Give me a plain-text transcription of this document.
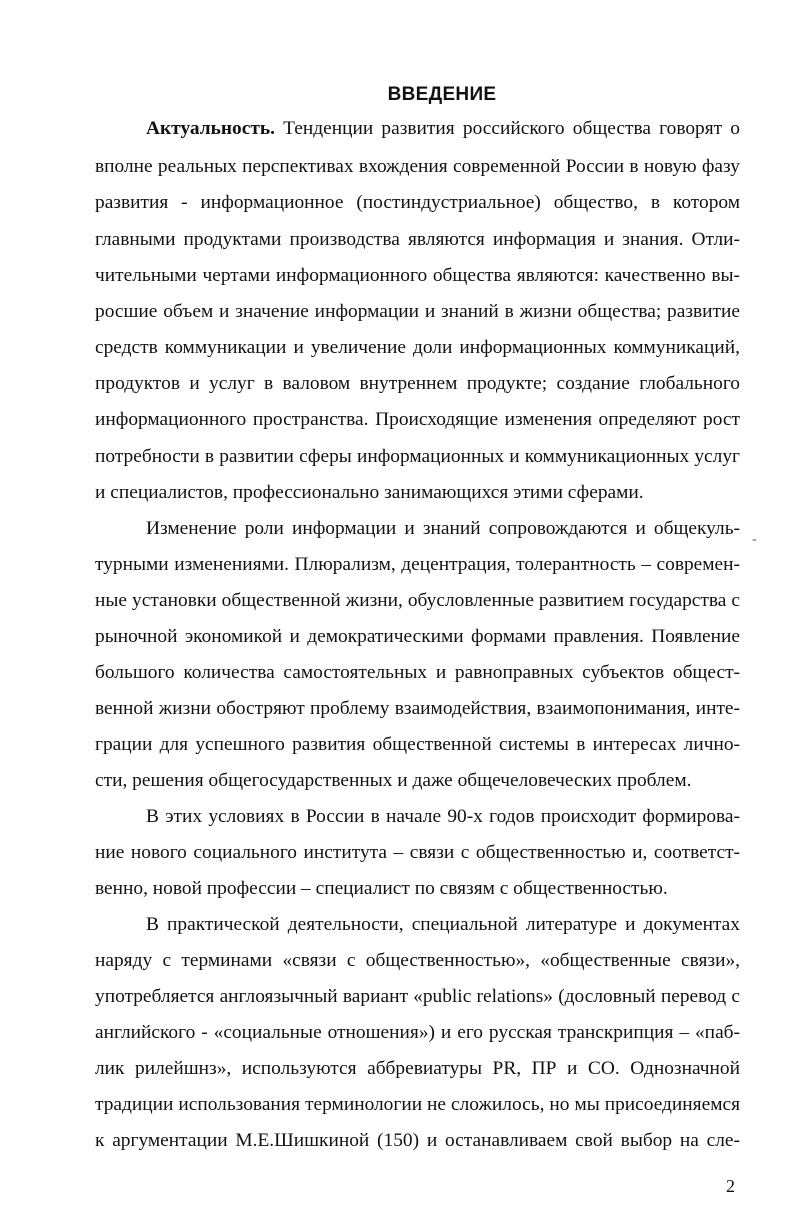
ВВЕДЕНИЕ
Актуальность. Тенденции развития российского общества говорят о
вполне реальных перспективах вхождения современной России в новую фазу
развития - информационное (постиндустриальное) общество, в котором
главными продуктами производства являются информация и знания. Отли-
чительными чертами информационного общества являются: качественно вы-
росшие объем и значение информации и знаний в жизни общества; развитие
средств коммуникации и увеличение доли информационных коммуникаций,
продуктов и услуг в валовом внутреннем продукте; создание глобального
информационного пространства. Происходящие изменения определяют рост
потребности в развитии сферы информационных и коммуникационных услуг
и специалистов, профессионально занимающихся этими сферами.
Изменение роли информации и знаний сопровождаются и общекуль-
турными изменениями. Плюрализм, децентрация, толерантность – современ-
ные установки общественной жизни, обусловленные развитием государства с
рыночной экономикой и демократическими формами правления. Появление
большого количества самостоятельных и равноправных субъектов общест-
венной жизни обостряют проблему взаимодействия, взаимопонимания, инте-
грации для успешного развития общественной системы в интересах лично-
сти, решения общегосударственных и даже общечеловеческих проблем.
В этих условиях в России в начале 90-х годов происходит формирова-
ние нового социального института – связи с общественностью и, соответст-
венно, новой профессии – специалист по связям с общественностью.
В практической деятельности, специальной литературе и документах
наряду с терминами «связи с общественностью», «общественные связи»,
употребляется англоязычный вариант «public relations» (дословный перевод с
английского - «социальные отношения») и его русская транскрипция – «паб-
лик рилейшнз», используются аббревиатуры PR, ПР и СО. Однозначной
традиции использования терминологии не сложилось, но мы присоединяемся
к аргументации М.Е.Шишкиной (150) и останавливаем свой выбор на сле-
-
2
